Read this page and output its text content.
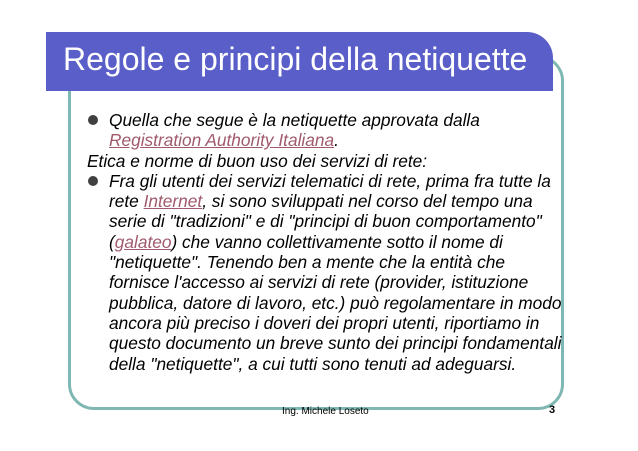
Regole e principi della netiquette
Quella che segue è la netiquette approvata dalla
Registration Authority Italiana.
Etica e norme di buon uso dei servizi di rete:
Fra gli utenti dei servizi telematici di rete, prima fra tutte la rete Internet, si sono sviluppati nel corso del tempo una serie di "tradizioni" e di "principi di buon comportamento" (galateo) che vanno collettivamente sotto il nome di "netiquette". Tenendo ben a mente che la entità che fornisce l'accesso ai servizi di rete (provider, istituzione pubblica, datore di lavoro, etc.) può regolamentare in modo ancora più preciso i doveri dei propri utenti, riportiamo in questo documento un breve sunto dei principi fondamentali della "netiquette", a cui tutti sono tenuti ad adeguarsi.
Ing. Michele Loseto	3
